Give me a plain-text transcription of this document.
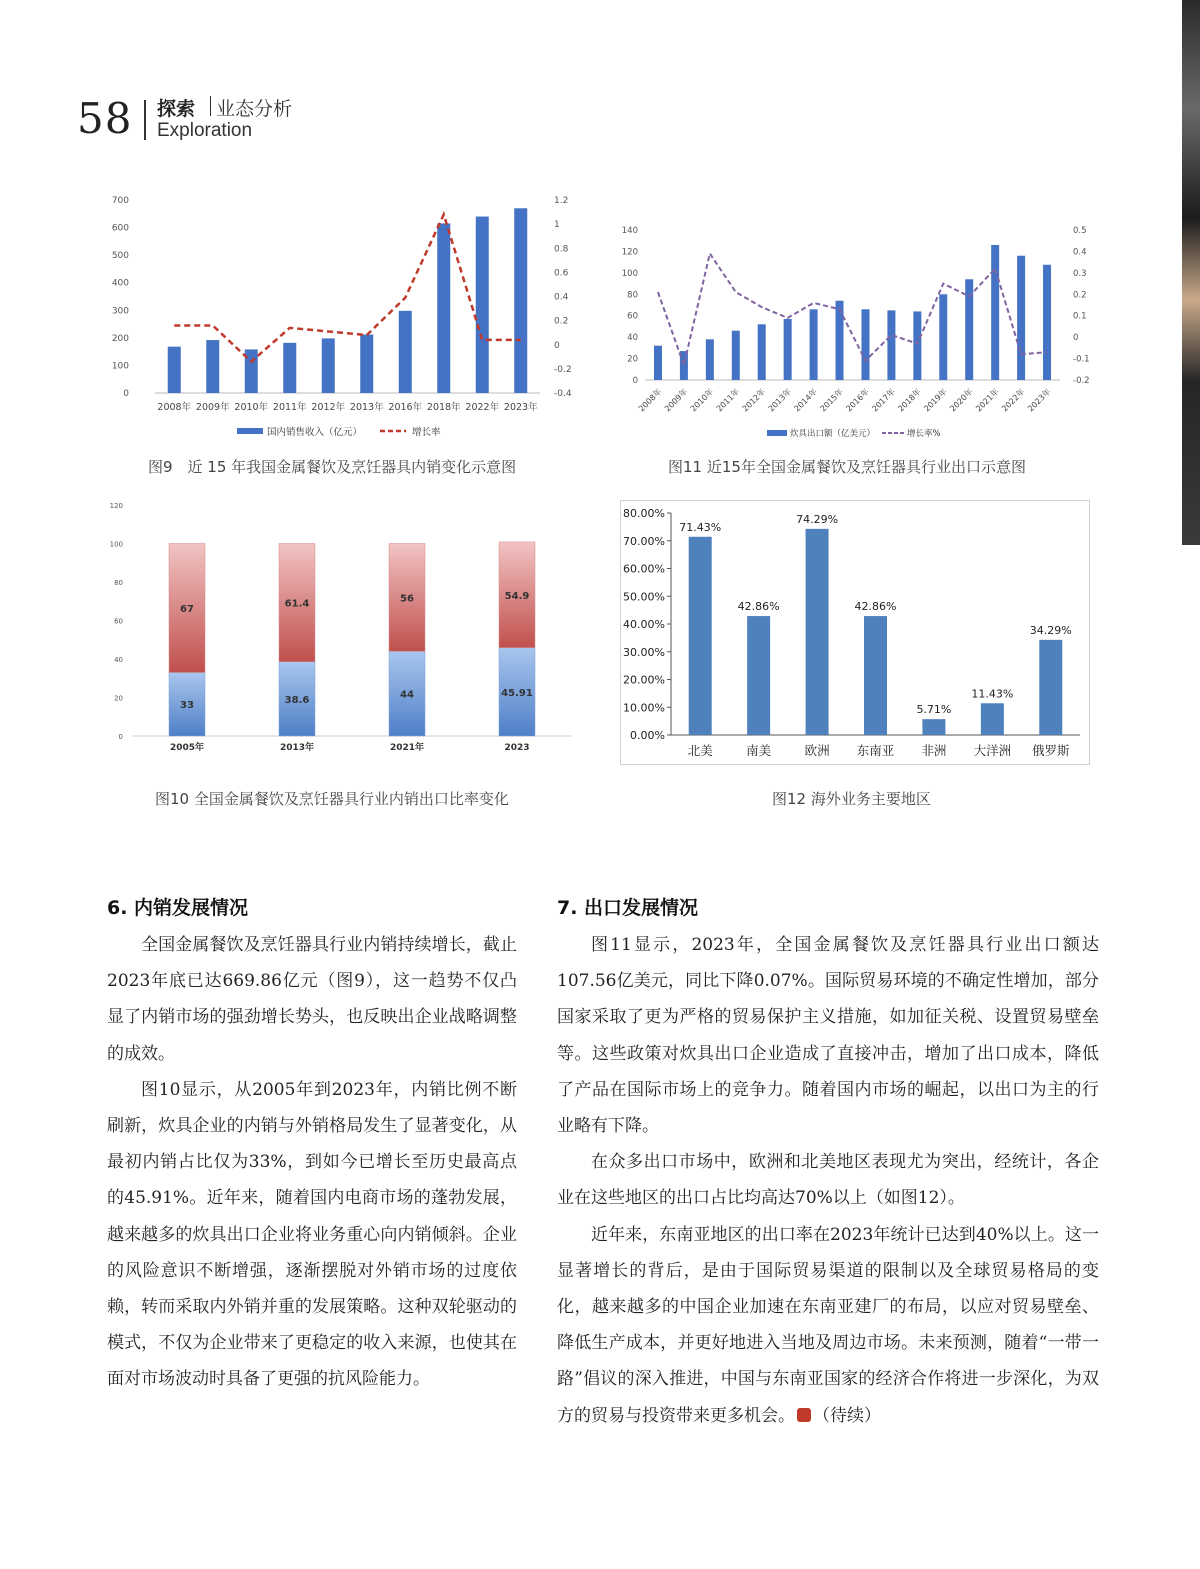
58 探索 业态分析
Exploration
0
100
200
300
400
500
600
700
-0.4
-0.2
0
0.2
0.4
0.6
0.8
1
1.2
2008年 2009年 2010年 2011年 2012年 2013年 2016年 2018年 2022年 2023年
国内销售收入（亿元）	增长率
图9　近 15 年我国金属餐饮及烹饪器具内销变化示意图
0
20
40
60
80
100
120
140
-0.2
-0.1
0
0.1
0.2
0.3
0.4
0.5
2008年 2009年 2010年 2011年 2012年 2013年 2014年 2015年 2016年 2017年 2018年 2019年 2020年 2021年 2022年 2023年
炊具出口额（亿美元）	增长率%
图11 近15年全国金属餐饮及烹饪器具行业出口示意图
0
20
40
60
80
100
120
33
67
2005年
38.6
61.4
2013年
44
56
2021年
45.91
54.9
2023
图10 全国金属餐饮及烹饪器具行业内销出口比率变化
0.00%
10.00%
20.00%
30.00%
40.00%
50.00%
60.00%
70.00%
80.00%
71.43%
北美
42.86%
南美
74.29%
欧洲
42.86%
东南亚
5.71%
非洲
11.43%
大洋洲
34.29%
俄罗斯
图12 海外业务主要地区
6. 内销发展情况

全国金属餐饮及烹饪器具行业内销持续增长，截止2023年底已达669.86亿元（图9），这一趋势不仅凸显了内销市场的强劲增长势头，也反映出企业战略调整的成效。

图10显示，从2005年到2023年，内销比例不断刷新，炊具企业的内销与外销格局发生了显著变化，从最初内销占比仅为33%，到如今已增长至历史最高点的45.91%。近年来，随着国内电商市场的蓬勃发展，越来越多的炊具出口企业将业务重心向内销倾斜。企业的风险意识不断增强，逐渐摆脱对外销市场的过度依赖，转而采取内外销并重的发展策略。这种双轮驱动的模式，不仅为企业带来了更稳定的收入来源，也使其在面对市场波动时具备了更强的抗风险能力。

7. 出口发展情况

图11显示，2023年，全国金属餐饮及烹饪器具行业出口额达107.56亿美元，同比下降0.07%。国际贸易环境的不确定性增加，部分国家采取了更为严格的贸易保护主义措施，如加征关税、设置贸易壁垒等。这些政策对炊具出口企业造成了直接冲击，增加了出口成本，降低了产品在国际市场上的竞争力。随着国内市场的崛起，以出口为主的行业略有下降。

在众多出口市场中，欧洲和北美地区表现尤为突出，经统计，各企业在这些地区的出口占比均高达70%以上（如图12）。

近年来，东南亚地区的出口率在2023年统计已达到40%以上。这一显著增长的背后，是由于国际贸易渠道的限制以及全球贸易格局的变化，越来越多的中国企业加速在东南亚建厂的布局，以应对贸易壁垒、降低生产成本，并更好地进入当地及周边市场。未来预测，随着“一带一路”倡议的深入推进，中国与东南亚国家的经济合作将进一步深化，为双方的贸易与投资带来更多机会。 （待续）
